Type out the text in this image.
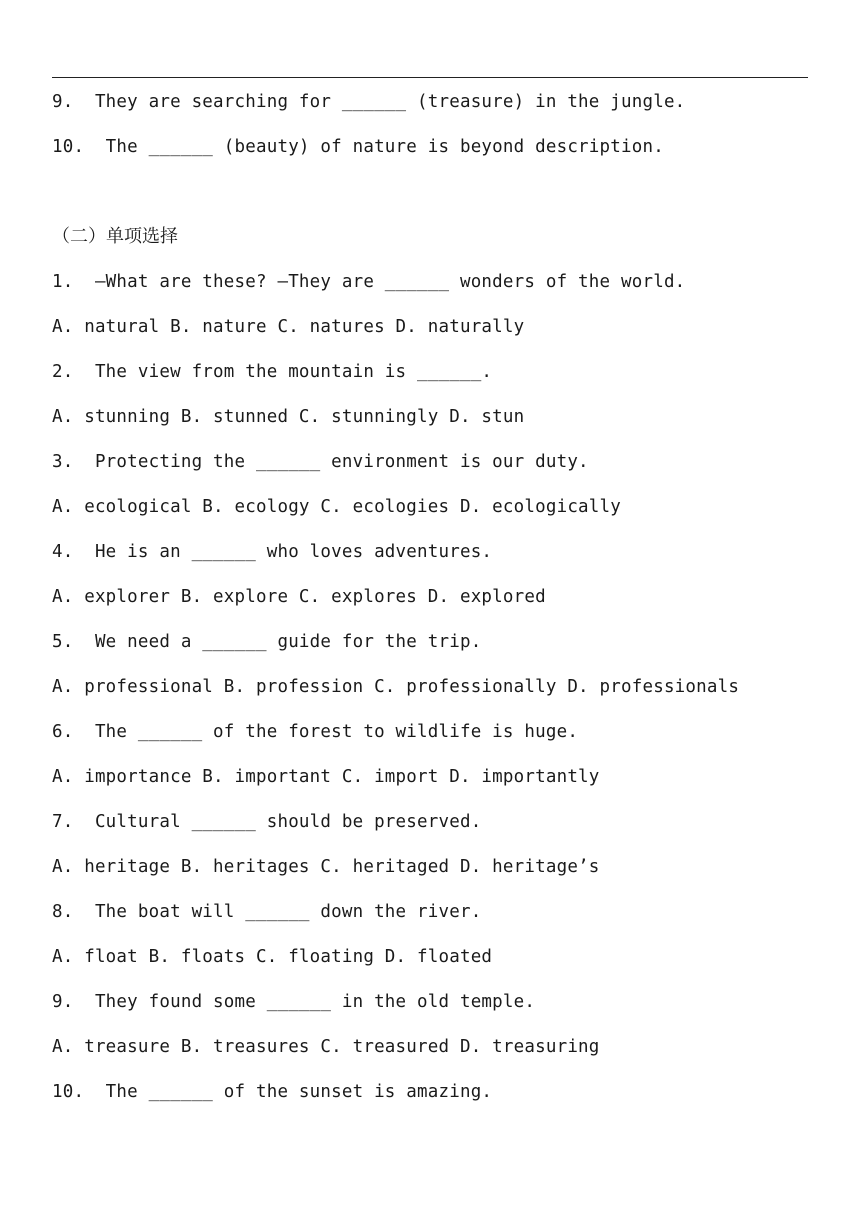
9.  They are searching for ______ (treasure) in the jungle.
10.  The ______ (beauty) of nature is beyond description.
（二）单项选择
1.  —What are these? —They are ______ wonders of the world.
A. natural B. nature C. natures D. naturally
2.  The view from the mountain is ______.
A. stunning B. stunned C. stunningly D. stun
3.  Protecting the ______ environment is our duty.
A. ecological B. ecology C. ecologies D. ecologically
4.  He is an ______ who loves adventures.
A. explorer B. explore C. explores D. explored
5.  We need a ______ guide for the trip.
A. professional B. profession C. professionally D. professionals
6.  The ______ of the forest to wildlife is huge.
A. importance B. important C. import D. importantly
7.  Cultural ______ should be preserved.
A. heritage B. heritages C. heritaged D. heritage’s
8.  The boat will ______ down the river.
A. float B. floats C. floating D. floated
9.  They found some ______ in the old temple.
A. treasure B. treasures C. treasured D. treasuring
10.  The ______ of the sunset is amazing.
